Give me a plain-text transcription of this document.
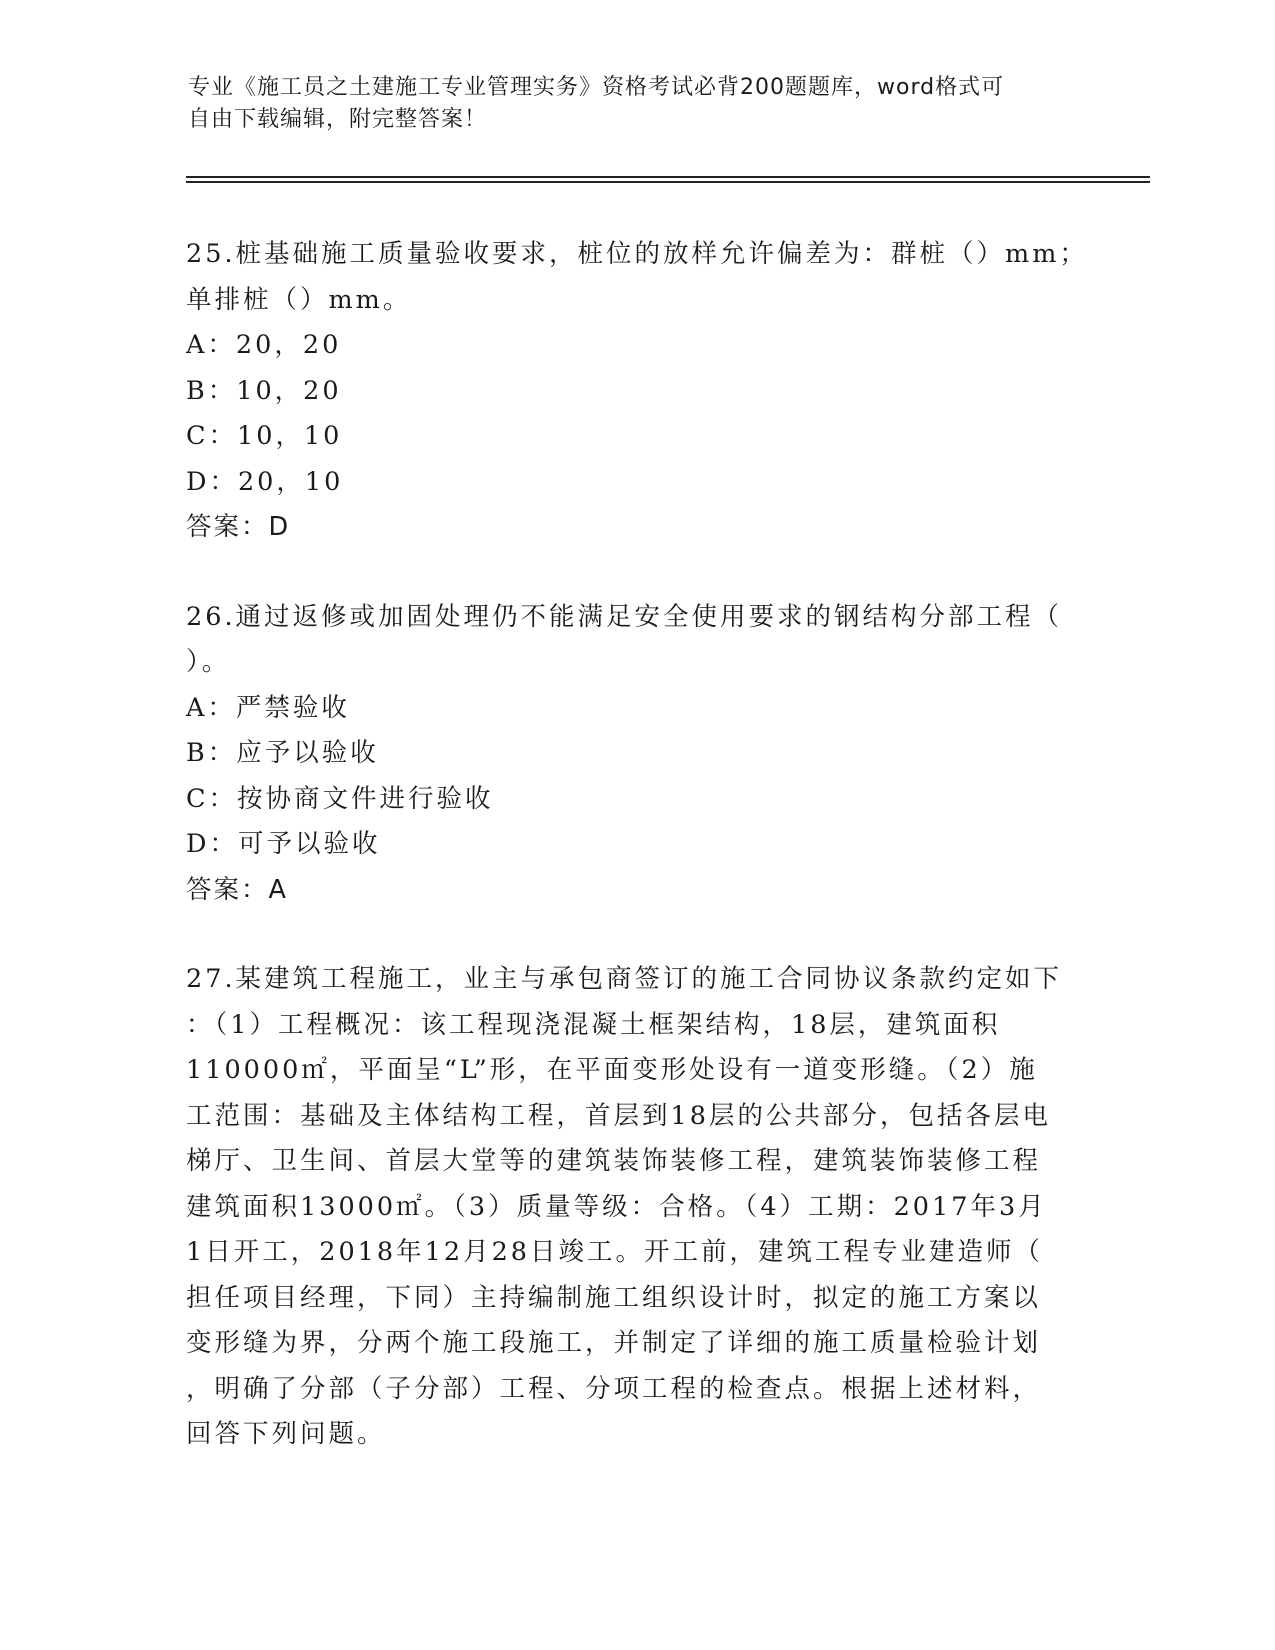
专业《施工员之土建施工专业管理实务》资格考试必背200题题库，word格式可
自由下载编辑，附完整答案！
25.桩基础施工质量验收要求，桩位的放样允许偏差为：群桩（）mm；
单排桩（）mm。
A：20，20
B：10，20
C：10，10
D：20，10
答案：D
26.通过返修或加固处理仍不能满足安全使用要求的钢结构分部工程（
）。
A：严禁验收
B：应予以验收
C：按协商文件进行验收
D：可予以验收
答案：A
27.某建筑工程施工，业主与承包商签订的施工合同协议条款约定如下
：（1）工程概况：该工程现浇混凝土框架结构，18层，建筑面积
110000㎡，平面呈“L”形，在平面变形处设有一道变形缝。（2）施
工范围：基础及主体结构工程，首层到18层的公共部分，包括各层电
梯厅、卫生间、首层大堂等的建筑装饰装修工程，建筑装饰装修工程
建筑面积13000㎡。（3）质量等级：合格。（4）工期：2017年3月
1日开工，2018年12月28日竣工。开工前，建筑工程专业建造师（
担任项目经理，下同）主持编制施工组织设计时，拟定的施工方案以
变形缝为界，分两个施工段施工，并制定了详细的施工质量检验计划
，明确了分部（子分部）工程、分项工程的检查点。根据上述材料，
回答下列问题。
